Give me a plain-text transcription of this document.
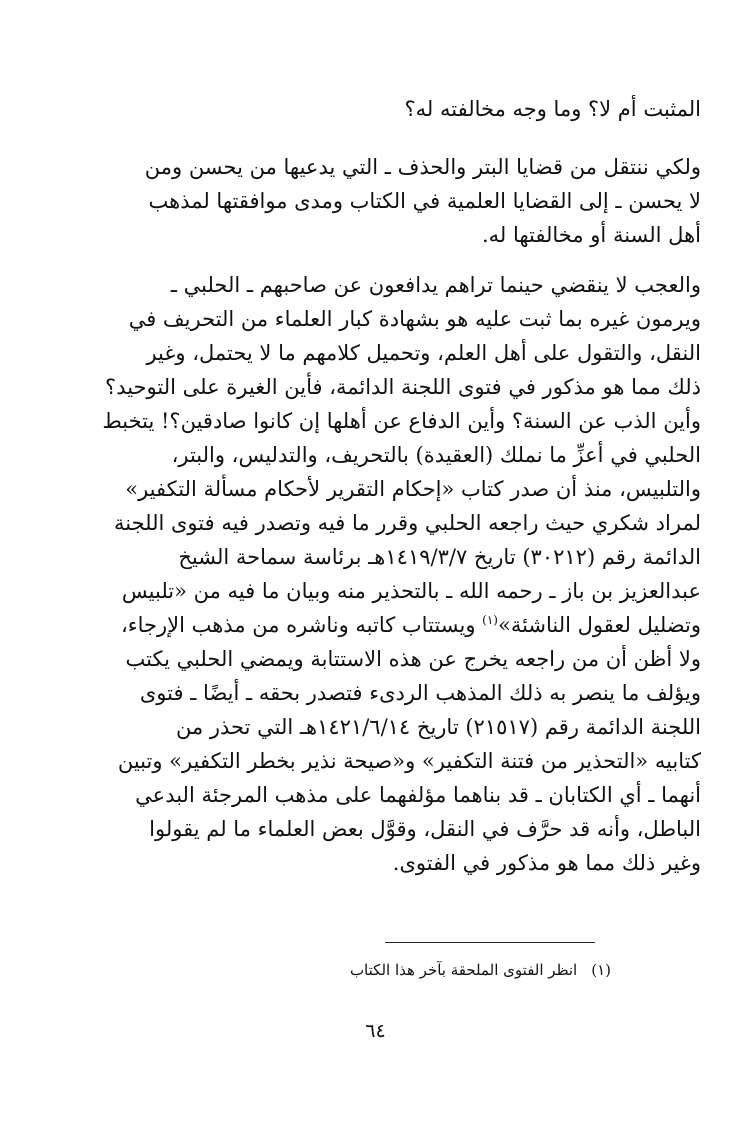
المثبت أم لا؟ وما وجه مخالفته له؟
ولكي ننتقل من قضايا البتر والحذف ـ التي يدعيها من يحسن ومن
لا يحسن ـ إلى القضايا العلمية في الكتاب ومدى موافقتها لمذهب
أهل السنة أو مخالفتها له.
والعجب لا ينقضي حينما تراهم يدافعون عن صاحبهم ـ الحلبي ـ
ويرمون غيره بما ثبت عليه هو بشهادة كبار العلماء من التحريف في
النقل، والتقول على أهل العلم، وتحميل كلامهم ما لا يحتمل، وغير
ذلك مما هو مذكور في فتوى اللجنة الدائمة، فأين الغيرة على التوحيد؟
وأين الذب عن السنة؟ وأين الدفاع عن أهلها إن كانوا صادقين؟! يتخبط
الحلبي في أعزِّ ما نملك (العقيدة) بالتحريف، والتدليس، والبتر،
والتلبيس، منذ أن صدر كتاب «إحكام التقرير لأحكام مسألة التكفير»
لمراد شكري حيث راجعه الحلبي وقرر ما فيه وتصدر فيه فتوى اللجنة
الدائمة رقم (٣٠٢١٢) تاريخ ١٤١٩/٣/٧هـ برئاسة سماحة الشيخ
عبدالعزيز بن باز ـ رحمه الله ـ بالتحذير منه وبيان ما فيه من «تلبيس
وتضليل لعقول الناشئة»$^{(١)}$ ويستتاب كاتبه وناشره من مذهب الإرجاء،
ولا أظن أن من راجعه يخرج عن هذه الاستتابة ويمضي الحلبي يكتب
ويؤلف ما ينصر به ذلك المذهب الردىء فتصدر بحقه ـ أيضًا ـ فتوى
اللجنة الدائمة رقم (٢١٥١٧) تاريخ ١٤٢١/٦/١٤هـ التي تحذر من
كتابيه «التحذير من فتنة التكفير» و«صيحة نذير بخطر التكفير» وتبين
أنهما ـ أي الكتابان ـ قد بناهما مؤلفهما على مذهب المرجئة البدعي
الباطل، وأنه قد حرَّف في النقل، وقوَّل بعض العلماء ما لم يقولوا
وغير ذلك مما هو مذكور في الفتوى.
(١)انظر الفتوى الملحقة بآخر هذا الكتاب
٦٤
